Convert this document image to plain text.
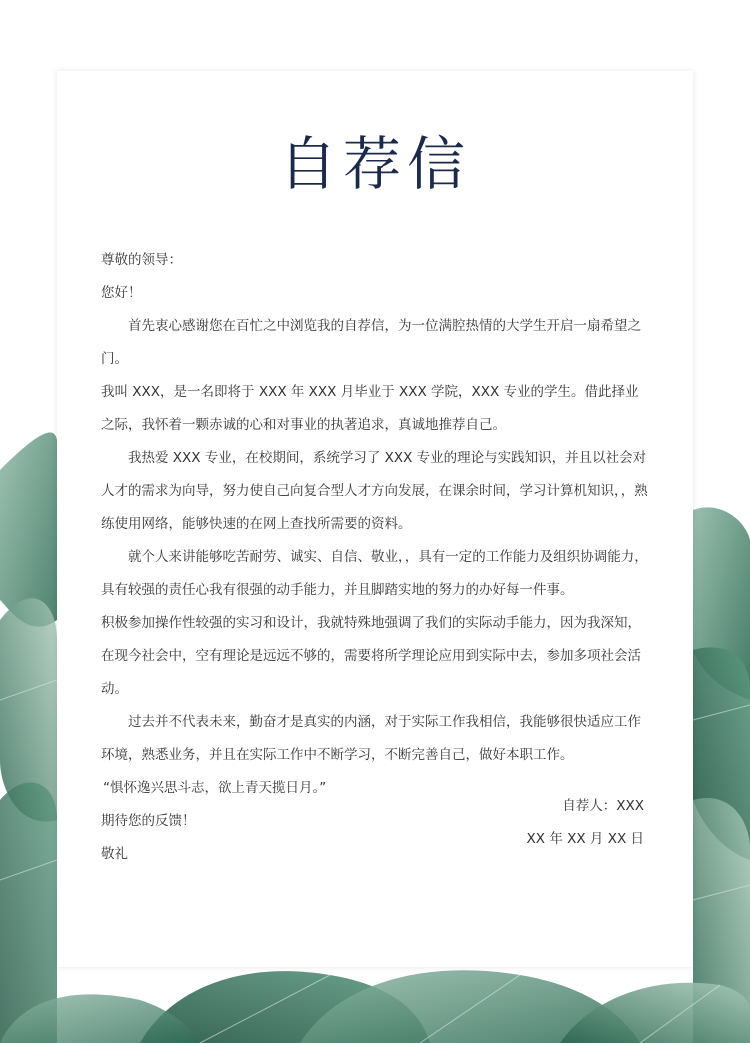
自荐信

尊敬的领导：

您好！

首先衷心感谢您在百忙之中浏览我的自荐信，为一位满腔热情的大学生开启一扇希望之门。

我叫 XXX，是一名即将于 XXX 年 XXX 月毕业于 XXX 学院，XXX 专业的学生。借此择业之际，我怀着一颗赤诚的心和对事业的执著追求，真诚地推荐自己。

我热爱 XXX 专业，在校期间，系统学习了 XXX 专业的理论与实践知识，并且以社会对人才的需求为向导，努力使自己向复合型人才方向发展，在课余时间，学习计算机知识，，熟练使用网络，能够快速的在网上查找所需要的资料。

就个人来讲能够吃苦耐劳、诚实、自信、敬业，，具有一定的工作能力及组织协调能力，具有较强的责任心我有很强的动手能力，并且脚踏实地的努力的办好每一件事。

积极参加操作性较强的实习和设计，我就特殊地强调了我们的实际动手能力，因为我深知，在现今社会中，空有理论是远远不够的，需要将所学理论应用到实际中去，参加多项社会活动。

过去并不代表未来，勤奋才是真实的内涵，对于实际工作我相信，我能够很快适应工作环境，熟悉业务，并且在实际工作中不断学习，不断完善自己，做好本职工作。

“惧怀逸兴思斗志，欲上青天揽日月。”

期待您的反馈！

敬礼

自荐人：XXX
XX 年 XX 月 XX 日
